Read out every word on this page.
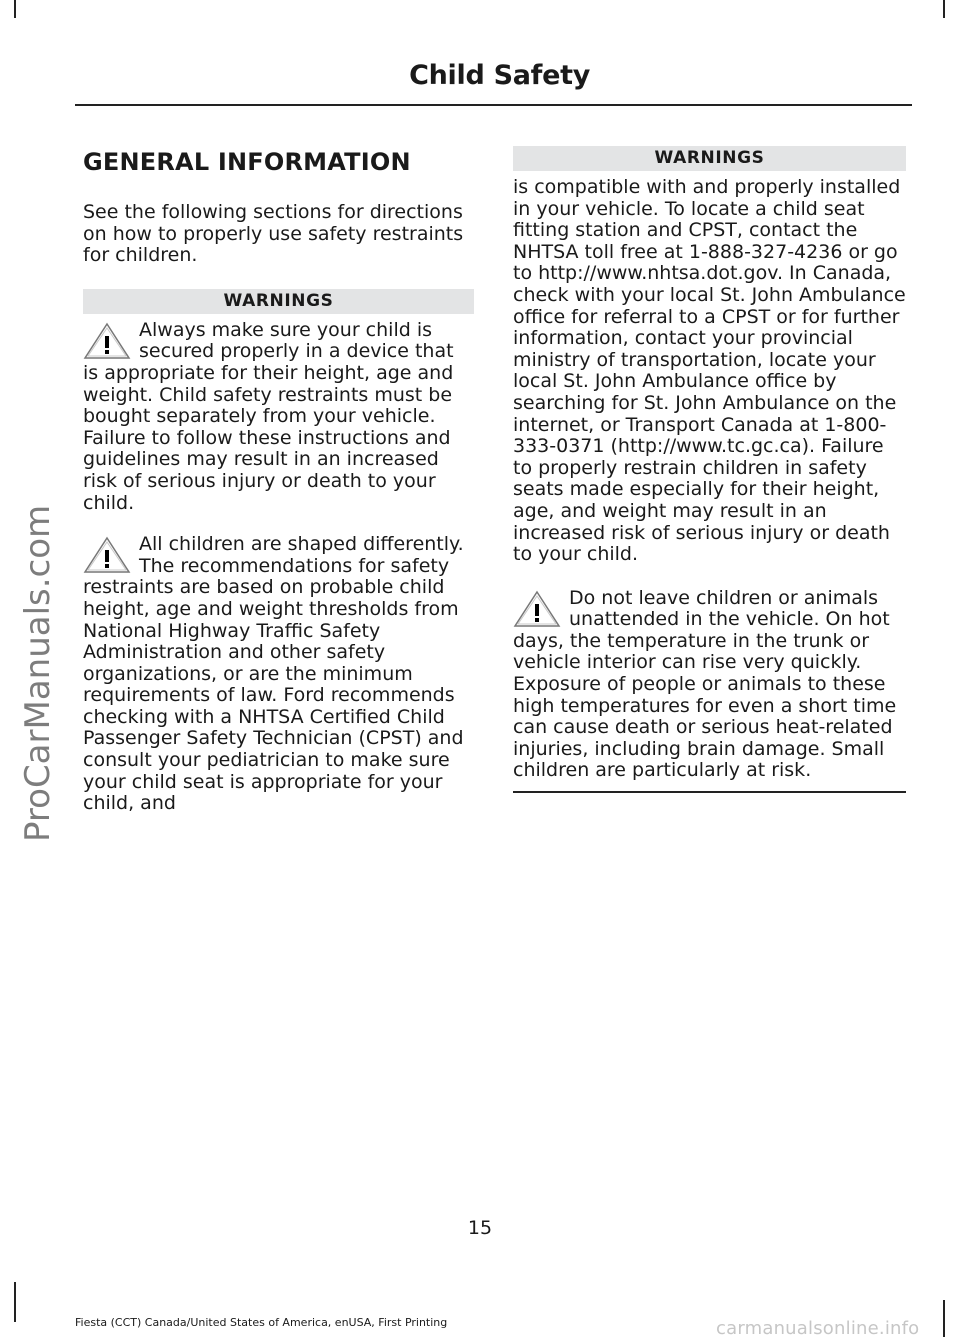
Child Safety
ProCarManuals.com
GENERAL INFORMATION
See the following sections for directions on how to properly use safety restraints for children.
WARNINGS
Always make sure your child is secured properly in a device that is appropriate for their height, age and weight. Child safety restraints must be bought separately from your vehicle. Failure to follow these instructions and guidelines may result in an increased risk of serious injury or death to your child.
All children are shaped differently. The recommendations for safety restraints are based on probable child height, age and weight thresholds from National Highway Traffic Safety Administration and other safety organizations, or are the minimum requirements of law. Ford recommends checking with a NHTSA Certified Child Passenger Safety Technician (CPST) and consult your pediatrician to make sure your child seat is appropriate for your child, and
WARNINGS
is compatible with and properly installed in your vehicle. To locate a child seat fitting station and CPST, contact the NHTSA toll free at 1-888-327-4236 or go to http://www.nhtsa.dot.gov. In Canada, check with your local St. John Ambulance office for referral to a CPST or for further information, contact your provincial ministry of transportation, locate your local St. John Ambulance office by searching for St. John Ambulance on the internet, or Transport Canada at 1-800-333-0371 (http://www.tc.gc.ca). Failure to properly restrain children in safety seats made especially for their height, age, and weight may result in an increased risk of serious injury or death to your child.
Do not leave children or animals unattended in the vehicle. On hot days, the temperature in the trunk or vehicle interior can rise very quickly. Exposure of people or animals to these high temperatures for even a short time can cause death or serious heat-related injuries, including brain damage. Small children are particularly at risk.
15
Fiesta (CCT) Canada/United States of America, enUSA, First Printing	carmanualsonline.info
